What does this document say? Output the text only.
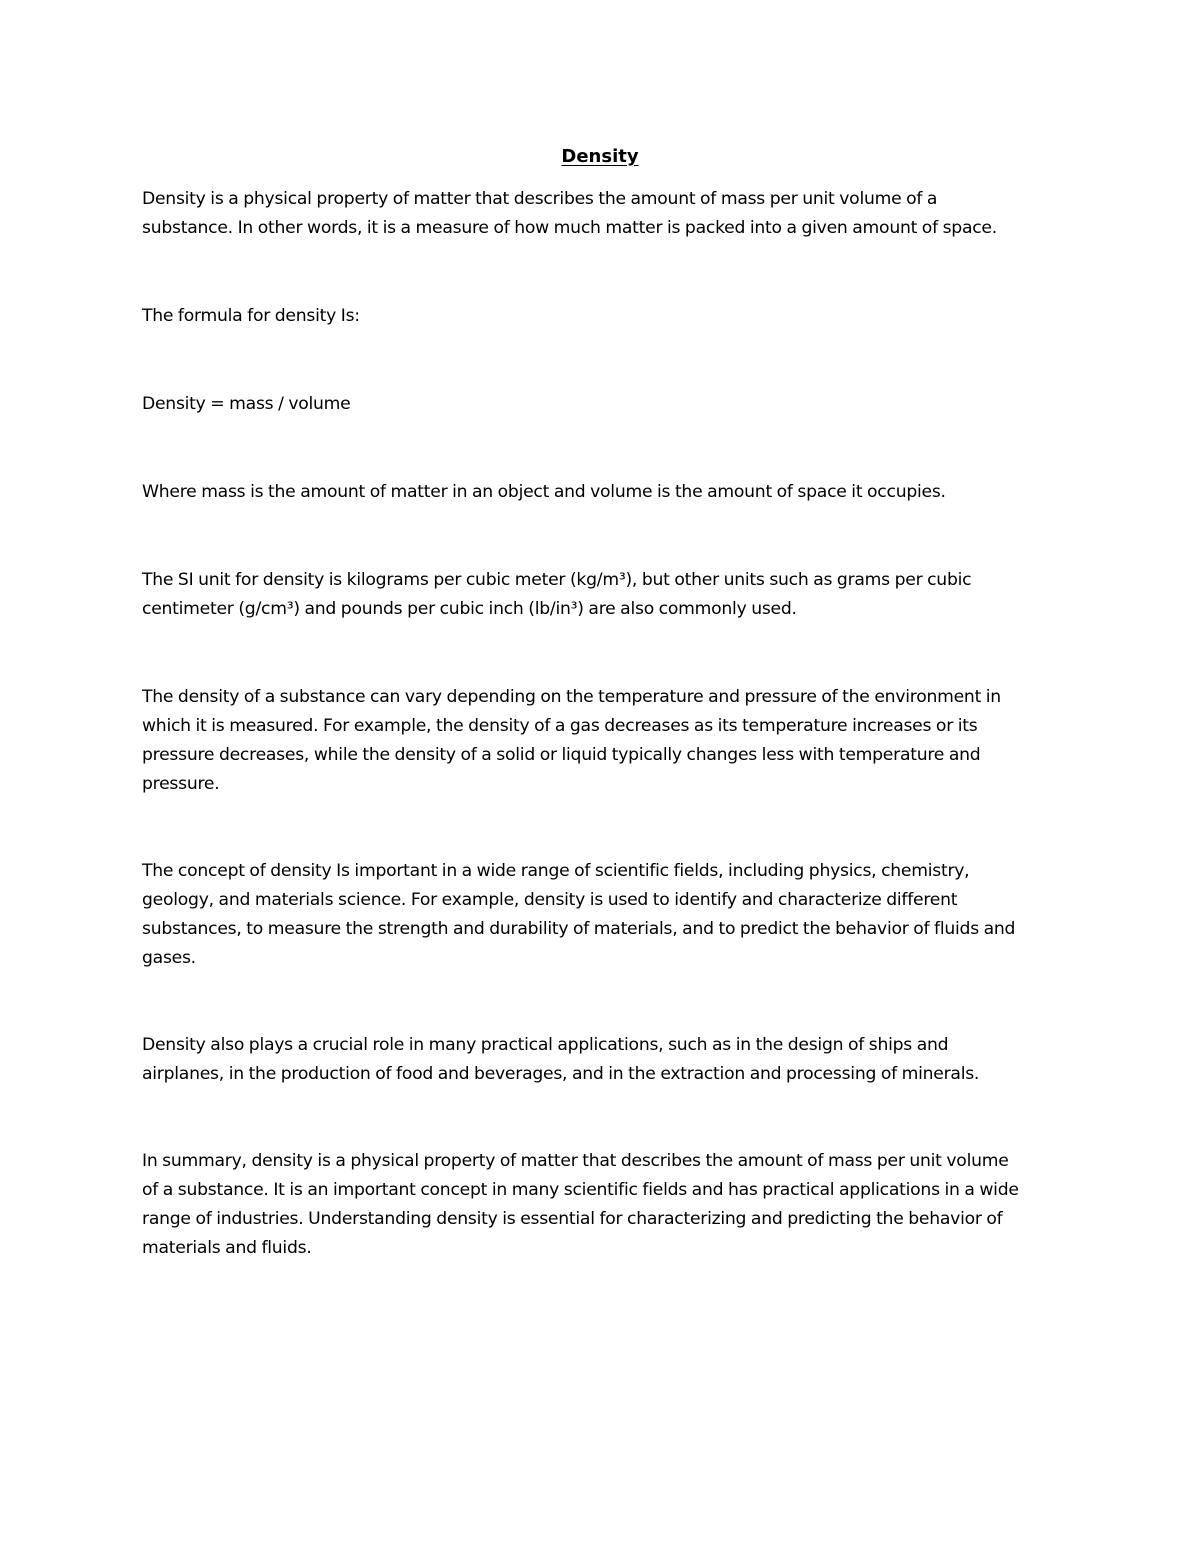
Density

Density is a physical property of matter that describes the amount of mass per unit volume of a
substance. In other words, it is a measure of how much matter is packed into a given amount of space.

The formula for density Is:

Density = mass / volume

Where mass is the amount of matter in an object and volume is the amount of space it occupies.

The SI unit for density is kilograms per cubic meter (kg/m³), but other units such as grams per cubic
centimeter (g/cm³) and pounds per cubic inch (lb/in³) are also commonly used.

The density of a substance can vary depending on the temperature and pressure of the environment in
which it is measured. For example, the density of a gas decreases as its temperature increases or its
pressure decreases, while the density of a solid or liquid typically changes less with temperature and
pressure.

The concept of density Is important in a wide range of scientific fields, including physics, chemistry,
geology, and materials science. For example, density is used to identify and characterize different
substances, to measure the strength and durability of materials, and to predict the behavior of fluids and
gases.

Density also plays a crucial role in many practical applications, such as in the design of ships and
airplanes, in the production of food and beverages, and in the extraction and processing of minerals.

In summary, density is a physical property of matter that describes the amount of mass per unit volume
of a substance. It is an important concept in many scientific fields and has practical applications in a wide
range of industries. Understanding density is essential for characterizing and predicting the behavior of
materials and fluids.
